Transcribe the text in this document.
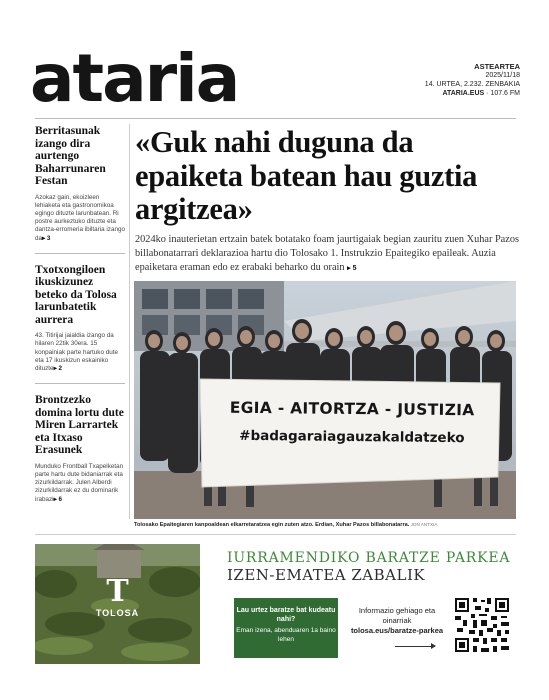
ataria	ASTEARTEA
2025/11/18
14. URTEA, 2.232. ZENBAKIA
ATARIA.EUS · 107.6 FM
Berritasunak izango dira aurtengo Baharrunaren Festan

Azokaz gain, ekoizleen lehiaketa eta gastronomikoa egingo dituzte larunbatean. Ri postre aurkeztuko dituzte eta dantza-erromeria ibiltaria izango da▸ 3

Txotxongiloen ikuskizunez beteko da Tolosa larunbatetik aurrera

43. Titirijai jaialdia izango da hilaren 22tik 30era. 15 konpainiak parte hartuko dute eta 17 ikuskizun eskainiko dituzte▸ 2

Brontzezko domina lortu dute Miren Larrartek eta Itxaso Erasunek

Munduko Frontball Txapelketan parte hartu dute bidaniarrak eta zizurkildarrak. Julen Alberdi zizurkildarrak ez du dominarik irabazi▸ 6

«Guk nahi duguna da epaiketa batean hau guztia argitzea»

2024ko inauterietan ertzain batek botatako foam jaurtigaiak begian zauritu zuen Xuhar Pazos billabonatarrari deklarazioa hartu dio Tolosako 1. Instrukzio Epaitegiko epaileak. Auzia epaiketara eraman edo ez erabaki beharko du orain ▸ 5

EGIA - AITORTZA - JUSTIZIA
#badagaraiagauzakaldatzeko

Tolosako Epaitegiaren kanpoaldean elkarretaratzea egin zuten atzo. Erdian, Xuhar Pazos billabonatarra. JON ANTXIA

T
TOLOSA
IURRAMENDIKO BARATZE PARKEA
IZEN-EMATEA ZABALIK
Lau urtez baratze bat kudeatu nahi?
Eman izena, abenduaren 1a baino lehen
Informazio gehiago eta oinarriak
tolosa.eus/baratze-parkea
